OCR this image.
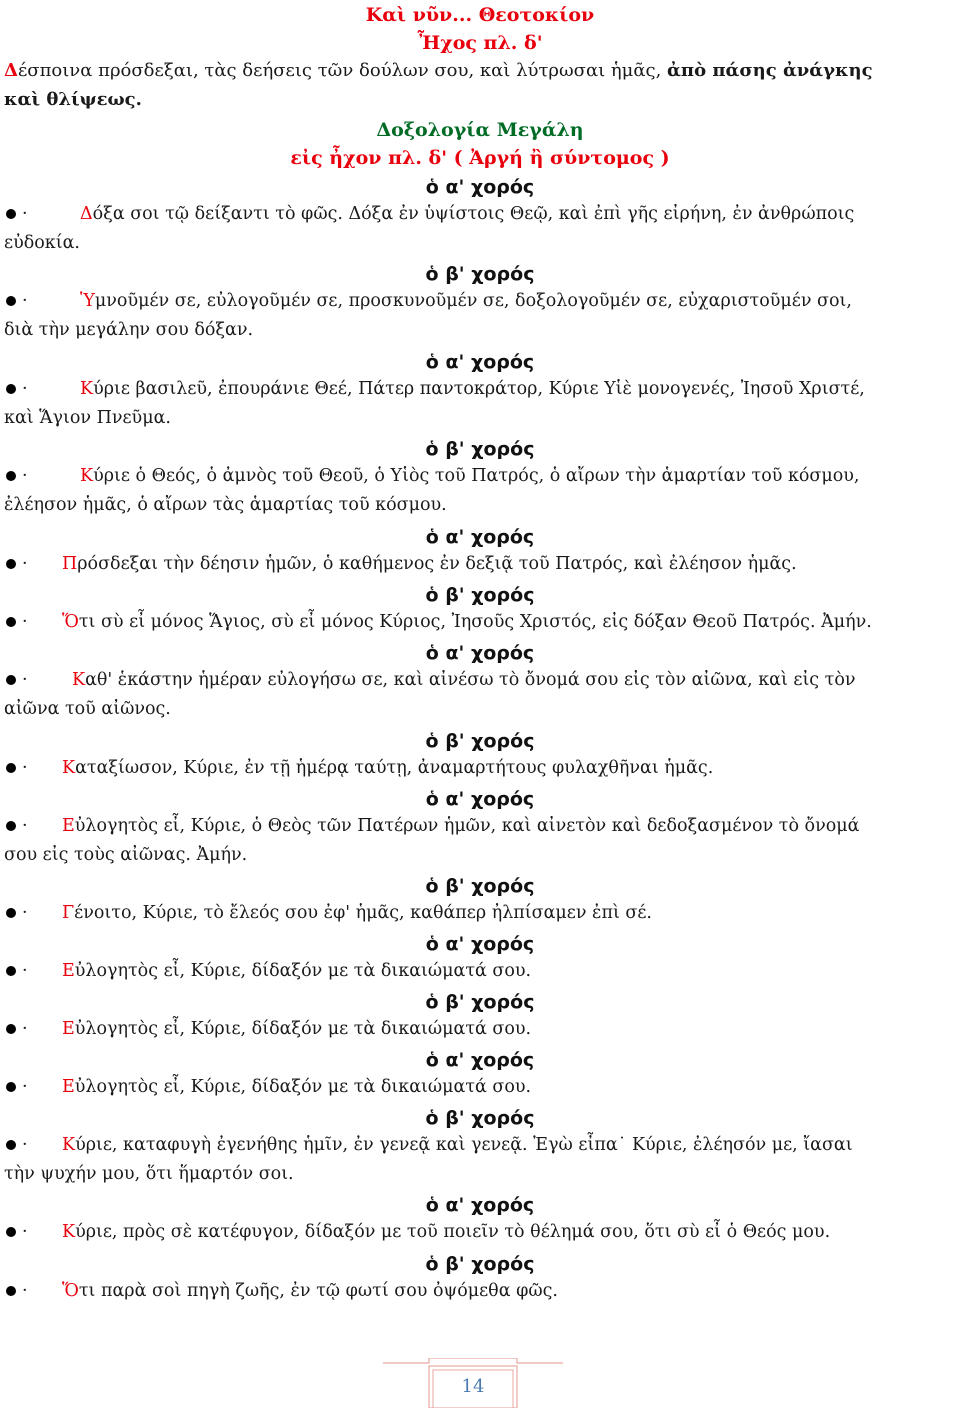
Καὶ νῦν... Θεοτοκίον
Ἦχος πλ. δ'
Δέσποινα πρόσδεξαι, τὰς δεήσεις τῶν δούλων σου, καὶ λύτρωσαι ἡμᾶς, ἀπὸ πάσης ἀνάγκης
καὶ θλίψεως.
Δοξολογία Μεγάλη
εἰς ἦχον πλ. δ' ( Ἀργή ἢ σύντομος )
ὁ α' χορός
·	Δόξα σοι τῷ δείξαντι τὸ φῶς. Δόξα ἐν ὑψίστοις Θεῷ, καὶ ἐπὶ γῆς εἰρήνη, ἐν ἀνθρώποις
εὐδοκία.
ὁ β' χορός
·	Ὑμνοῦμέν σε, εὐλογοῦμέν σε, προσκυνοῦμέν σε, δοξολογοῦμέν σε, εὐχαριστοῦμέν σοι,
διὰ τὴν μεγάλην σου δόξαν.
ὁ α' χορός
·	Κύριε βασιλεῦ, ἐπουράνιε Θεέ, Πάτερ παντοκράτορ, Κύριε Υἱὲ μονογενές, Ἰησοῦ Χριστέ,
καὶ Ἅγιον Πνεῦμα.
ὁ β' χορός
·	Κύριε ὁ Θεός, ὁ ἀμνὸς τοῦ Θεοῦ, ὁ Υἱὸς τοῦ Πατρός, ὁ αἴρων τὴν ἁμαρτίαν τοῦ κόσμου,
ἐλέησον ἡμᾶς, ὁ αἴρων τὰς ἁμαρτίας τοῦ κόσμου.
ὁ α' χορός
· Πρόσδεξαι τὴν δέησιν ἡμῶν, ὁ καθήμενος ἐν δεξιᾷ τοῦ Πατρός, καὶ ἐλέησον ἡμᾶς.
ὁ β' χορός
· Ὅτι σὺ εἶ μόνος Ἅγιος, σὺ εἶ μόνος Κύριος, Ἰησοῦς Χριστός, εἰς δόξαν Θεοῦ Πατρός. Ἀμήν.
ὁ α' χορός
·	Καθ' ἑκάστην ἡμέραν εὐλογήσω σε, καὶ αἰνέσω τὸ ὄνομά σου εἰς τὸν αἰῶνα, καὶ εἰς τὸν
αἰῶνα τοῦ αἰῶνος.
ὁ β' χορός
· Καταξίωσον, Κύριε, ἐν τῇ ἡμέρᾳ ταύτῃ, ἀναμαρτήτους φυλαχθῆναι ἡμᾶς.
ὁ α' χορός
· Εὐλογητὸς εἶ, Κύριε, ὁ Θεὸς τῶν Πατέρων ἡμῶν, καὶ αἰνετὸν καὶ δεδοξασμένον τὸ ὄνομά
σου εἰς τοὺς αἰῶνας. Ἀμήν.
ὁ β' χορός
· Γένοιτο, Κύριε, τὸ ἔλεός σου ἐφ' ἡμᾶς, καθάπερ ἠλπίσαμεν ἐπὶ σέ.
ὁ α' χορός
· Εὐλογητὸς εἶ, Κύριε, δίδαξόν με τὰ δικαιώματά σου.
ὁ β' χορός
· Εὐλογητὸς εἶ, Κύριε, δίδαξόν με τὰ δικαιώματά σου.
ὁ α' χορός
· Εὐλογητὸς εἶ, Κύριε, δίδαξόν με τὰ δικαιώματά σου.
ὁ β' χορός
· Κύριε, καταφυγὴ ἐγενήθης ἡμῖν, ἐν γενεᾷ καὶ γενεᾷ. Ἐγὼ εἶπα˙ Κύριε, ἐλέησόν με, ἴασαι
τὴν ψυχήν μου, ὅτι ἥμαρτόν σοι.
ὁ α' χορός
· Κύριε, πρὸς σὲ κατέφυγον, δίδαξόν με τοῦ ποιεῖν τὸ θέλημά σου, ὅτι σὺ εἶ ὁ Θεός μου.
ὁ β' χορός
· Ὅτι παρὰ σοὶ πηγὴ ζωῆς, ἐν τῷ φωτί σου ὀψόμεθα φῶς.
14
